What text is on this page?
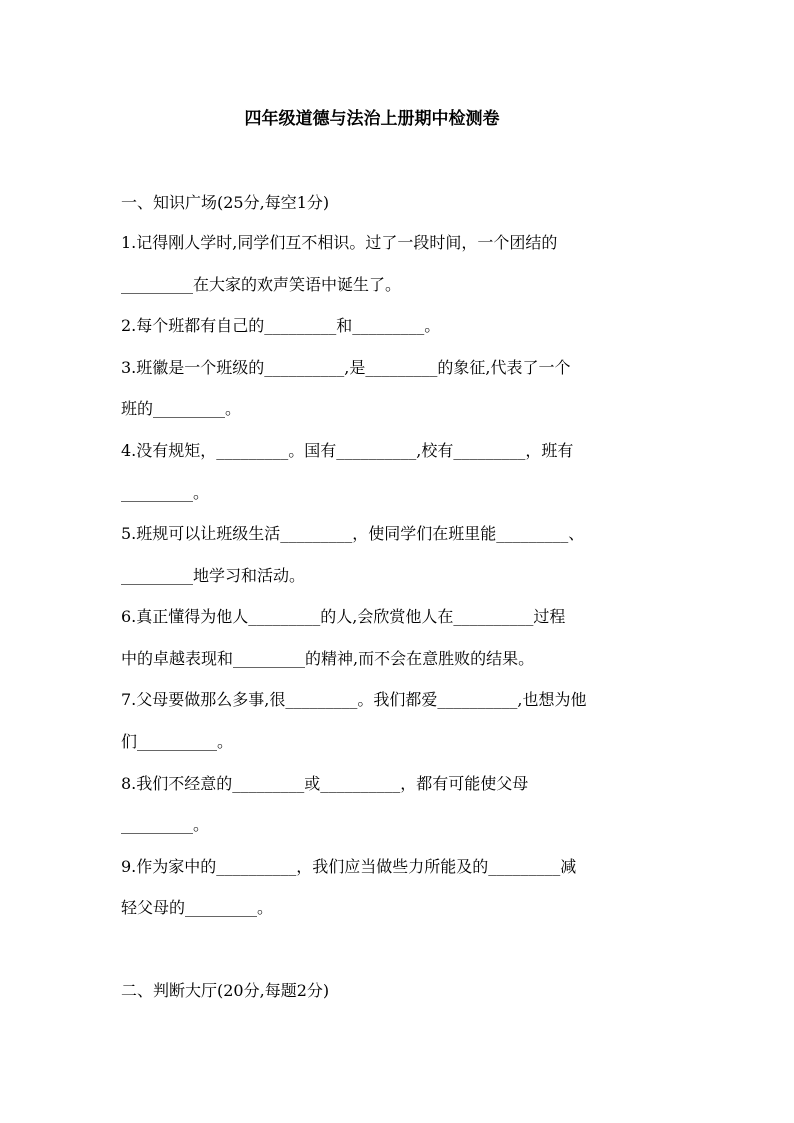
四年级道德与法治上册期中检测卷
一、知识广场(25分,每空1分)
1.记得刚人学时,同学们互不相识。过了一段时间，一个团结的
_________在大家的欢声笑语中诞生了。
2.每个班都有自己的_________和_________。
3.班徽是一个班级的__________,是_________的象征,代表了一个
班的_________。
4.没有规矩，_________。国有__________,校有_________，班有
_________。
5.班规可以让班级生活_________，使同学们在班里能_________、
_________地学习和活动。
6.真正懂得为他人_________的人,会欣赏他人在__________过程
中的卓越表现和_________的精神,而不会在意胜败的结果。
7.父母要做那么多事,很_________。我们都爱__________,也想为他
们__________。
8.我们不经意的_________或__________，都有可能使父母
_________。
9.作为家中的__________，我们应当做些力所能及的_________减
轻父母的_________。
二、判断大厅(20分,每题2分)
